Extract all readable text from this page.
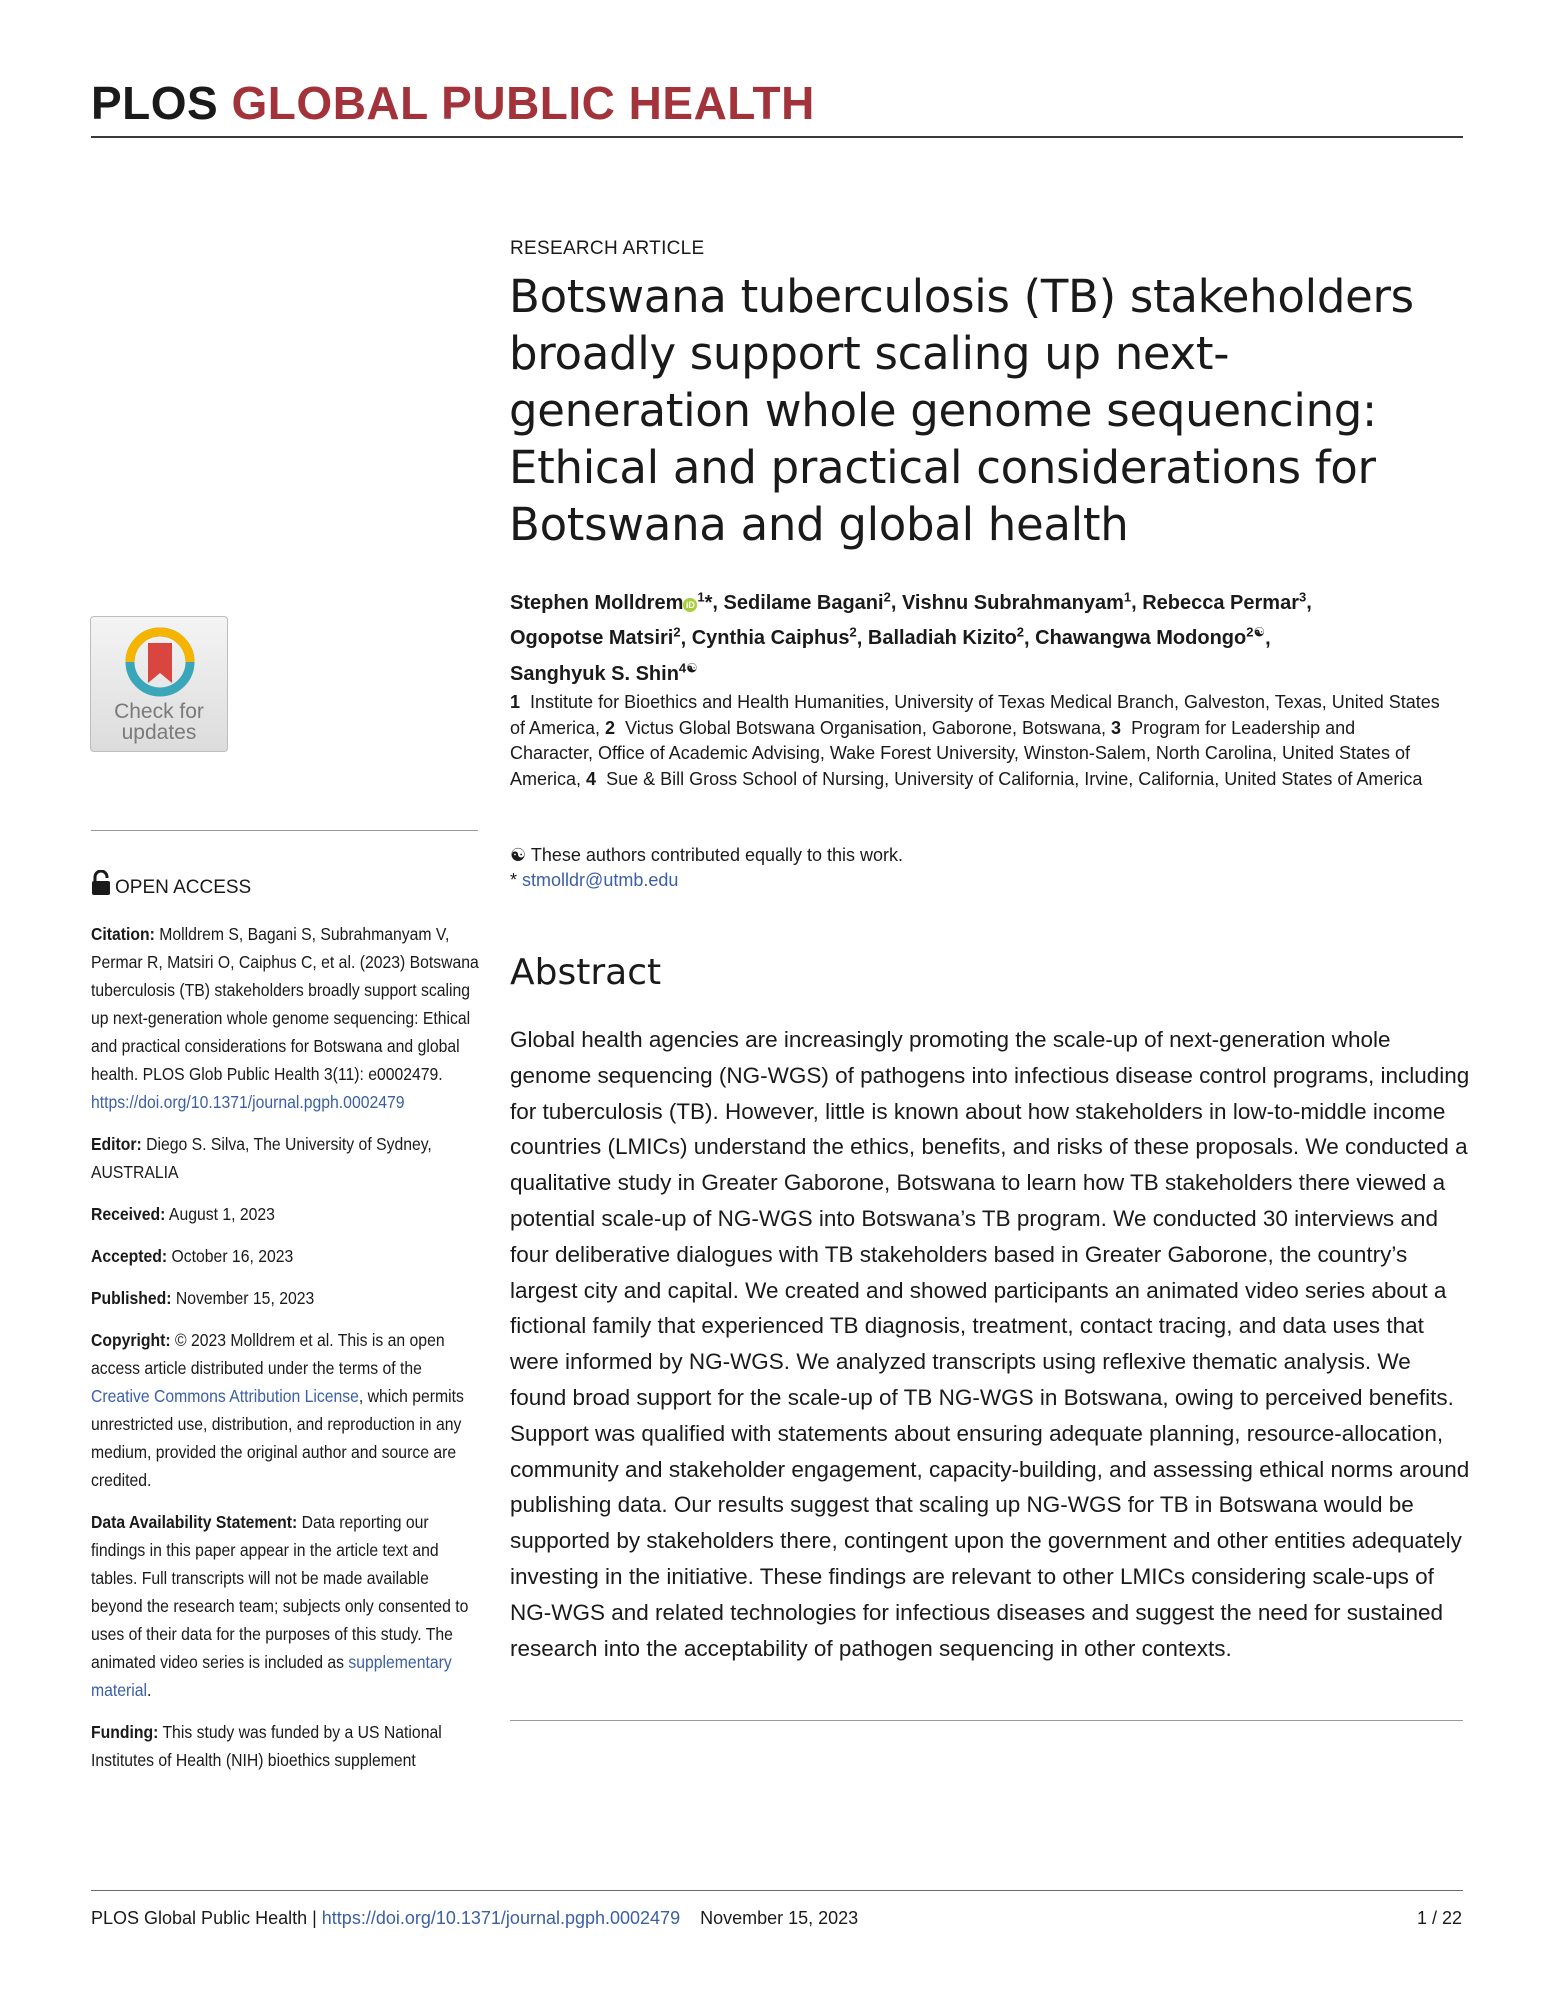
PLOS GLOBAL PUBLIC HEALTH
Check for
updates
OPEN ACCESS

Citation: Molldrem S, Bagani S, Subrahmanyam V, Permar R, Matsiri O, Caiphus C, et al. (2023) Botswana tuberculosis (TB) stakeholders broadly support scaling up next-generation whole genome sequencing: Ethical and practical considerations for Botswana and global health. PLOS Glob Public Health 3(11): e0002479. https://doi.org/10.1371/journal.pgph.0002479

Editor: Diego S. Silva, The University of Sydney, AUSTRALIA

Received: August 1, 2023

Accepted: October 16, 2023

Published: November 15, 2023

Copyright: © 2023 Molldrem et al. This is an open access article distributed under the terms of the Creative Commons Attribution License, which permits unrestricted use, distribution, and reproduction in any medium, provided the original author and source are credited.

Data Availability Statement: Data reporting our findings in this paper appear in the article text and tables. Full transcripts will not be made available beyond the research team; subjects only consented to uses of their data for the purposes of this study. The animated video series is included as supplementary material.

Funding: This study was funded by a US National Institutes of Health (NIH) bioethics supplement

RESEARCH ARTICLE
Botswana tuberculosis (TB) stakeholders broadly support scaling up next-generation whole genome sequencing: Ethical and practical considerations for Botswana and global health
Stephen Molldrem $iD^1*$, Sedilame Bagani$^2$, Vishnu Subrahmanyam$^1$, Rebecca Permar$^3$,
Ogopotse Matsiri$^2$, Cynthia Caiphus$^2$, Balladiah Kizito$^2$, Chawangwa Modongo$^{2☯}$,
Sanghyuk S. Shin$^{4☯}$
1 Institute for Bioethics and Health Humanities, University of Texas Medical Branch, Galveston, Texas, United States of America, 2 Victus Global Botswana Organisation, Gaborone, Botswana, 3 Program for Leadership and Character, Office of Academic Advising, Wake Forest University, Winston-Salem, North Carolina, United States of America, 4 Sue & Bill Gross School of Nursing, University of California, Irvine, California, United States of America
☯ These authors contributed equally to this work.
* stmolldr@utmb.edu
Abstract

Global health agencies are increasingly promoting the scale-up of next-generation whole genome sequencing (NG-WGS) of pathogens into infectious disease control programs, including for tuberculosis (TB). However, little is known about how stakeholders in low-to-middle income countries (LMICs) understand the ethics, benefits, and risks of these proposals. We conducted a qualitative study in Greater Gaborone, Botswana to learn how TB stakeholders there viewed a potential scale-up of NG-WGS into Botswana’s TB program. We conducted 30 interviews and four deliberative dialogues with TB stakeholders based in Greater Gaborone, the country’s largest city and capital. We created and showed participants an animated video series about a fictional family that experienced TB diagnosis, treatment, contact tracing, and data uses that were informed by NG-WGS. We analyzed transcripts using reflexive thematic analysis. We found broad support for the scale-up of TB NG-WGS in Botswana, owing to perceived benefits. Support was qualified with statements about ensuring adequate planning, resource-allocation, community and stakeholder engagement, capacity-building, and assessing ethical norms around publishing data. Our results suggest that scaling up NG-WGS for TB in Botswana would be supported by stakeholders there, contingent upon the government and other entities adequately investing in the initiative. These findings are relevant to other LMICs considering scale-ups of NG-WGS and related technologies for infectious diseases and suggest the need for sustained research into the acceptability of pathogen sequencing in other contexts.

PLOS Global Public Health | https://doi.org/10.1371/journal.pgph.0002479 November 15, 2023	1 / 22
